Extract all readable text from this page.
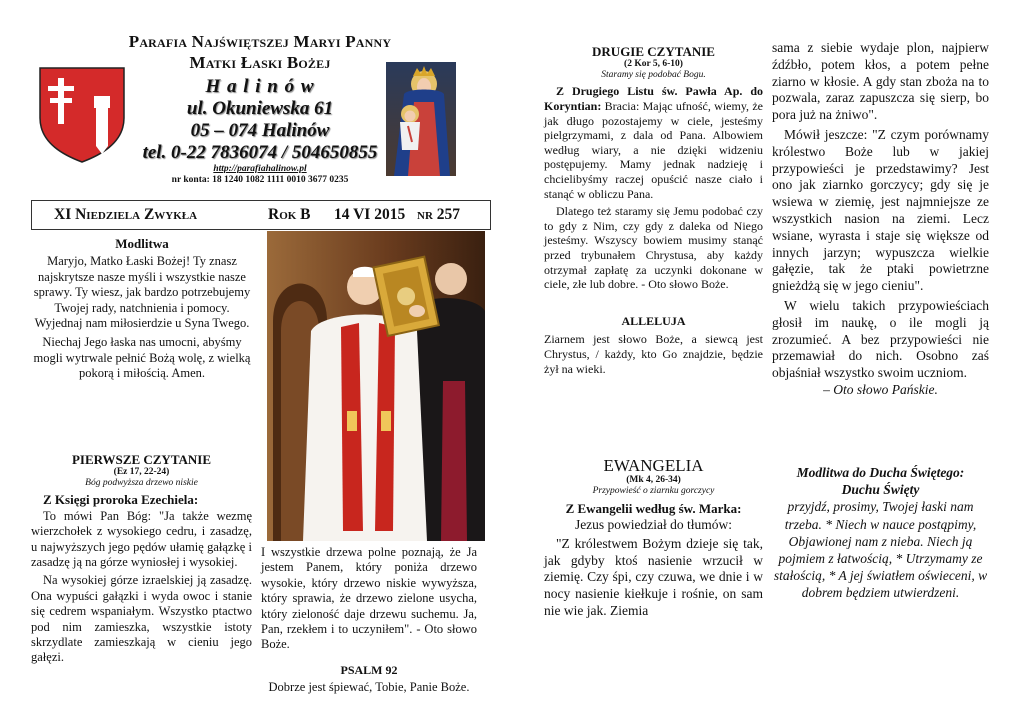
Parafia Najświętszej Maryi Panny
Matki Łaski Bożej
H a l i n ó w
ul. Okuniewska 61
05 – 074 Halinów
tel. 0-22 7836074 / 504650855
http://parafiahalinow.pl
nr konta: 18 1240 1082 1111 0010 3677 0235
XI Niedziela Zwykła	Rok B 14 VI 2015 nr 257
Modlitwa

Maryjo, Matko Łaski Bożej! Ty znasz najskrytsze nasze myśli i wszystkie nasze sprawy. Ty wiesz, jak bardzo potrzebujemy Twojej rady, natchnienia i pomocy. Wyjednaj nam miłosierdzie u Syna Twego.

Niechaj Jego łaska nas umocni, abyśmy mogli wytrwale pełnić Bożą wolę, z wielką pokorą i miłością. Amen.

PIERWSZE CZYTANIE
(Ez 17, 22-24)
Bóg podwyższa drzewo niskie
Z Księgi proroka Ezechiela:

To mówi Pan Bóg: "Ja także wezmę wierzchołek z wysokiego cedru, i zasadzę, u najwyższych jego pędów ułamię gałązkę i zasadzę ją na górze wyniosłej i wysokiej.

Na wysokiej górze izraelskiej ją zasadzę. Ona wypuści gałązki i wyda owoc i stanie się cedrem wspaniałym. Wszystko ptactwo pod nim zamieszka, wszystkie istoty skrzydlate zamieszkają w cieniu jego gałęzi.

I wszystkie drzewa polne poznają, że Ja jestem Panem, który poniża drzewo wysokie, który drzewo niskie wywyższa, który sprawia, że drzewo zielone usycha, który zieloność daje drzewu suchemu. Ja, Pan, rzekłem i to uczyniłem". - Oto słowo Boże.

PSALM 92
Dobrze jest śpiewać, Tobie, Panie Boże.
DRUGIE CZYTANIE
(2 Kor 5, 6-10)
Staramy się podobać Bogu.

Z Drugiego Listu św. Pawła Ap. do Koryntian: Bracia: Mając ufność, wiemy, że jak długo pozostajemy w ciele, jesteśmy pielgrzymami, z dala od Pana. Albowiem według wiary, a nie dzięki widzeniu postępujemy. Mamy jednak nadzieję i chcielibyśmy raczej opuścić nasze ciało i stanąć w obliczu Pana.

Dlatego też staramy się Jemu podobać czy to gdy z Nim, czy gdy z daleka od Niego jesteśmy. Wszyscy bowiem musimy stanąć przed trybunałem Chrystusa, aby każdy otrzymał zapłatę za uczynki dokonane w ciele, złe lub dobre. - Oto słowo Boże.

ALLELUJA

Ziarnem jest słowo Boże, a siewcą jest Chrystus, / każdy, kto Go znajdzie, będzie żył na wieki.

EWANGELIA
(Mk 4, 26-34)
Przypowieść o ziarnku gorczycy
Z Ewangelii według św. Marka:
Jezus powiedział do tłumów:

"Z królestwem Bożym dzieje się tak, jak gdyby ktoś nasienie wrzucił w ziemię. Czy śpi, czy czuwa, we dnie i w nocy nasienie kiełkuje i rośnie, on sam nie wie jak. Ziemia

sama z siebie wydaje plon, najpierw źdźbło, potem kłos, a potem pełne ziarno w kłosie. A gdy stan zboża na to pozwala, zaraz zapuszcza się sierp, bo pora już na żniwo".

Mówił jeszcze: "Z czym porównamy królestwo Boże lub w jakiej przypowieści je przedstawimy? Jest ono jak ziarnko gorczycy; gdy się je wsiewa w ziemię, jest najmniejsze ze wszystkich nasion na ziemi. Lecz wsiane, wyrasta i staje się większe od innych jarzyn; wypuszcza wielkie gałęzie, tak że ptaki powietrzne gnieżdżą się w jego cieniu".

W wielu takich przypowieściach głosił im naukę, o ile mogli ją zrozumieć. A bez przypowieści nie przemawiał do nich. Osobno zaś objaśniał wszystko swoim uczniom.

– Oto słowo Pańskie.

Modlitwa do Ducha Świętego:
Duchu Święty

przyjdź, prosimy, Twojej łaski nam trzeba. * Niech w nauce postąpimy, Objawionej nam z nieba. Niech ją pojmiem z łatwością, * Utrzymamy ze stałością, * A jej światłem oświeceni, w dobrem będziem utwierdzeni.
